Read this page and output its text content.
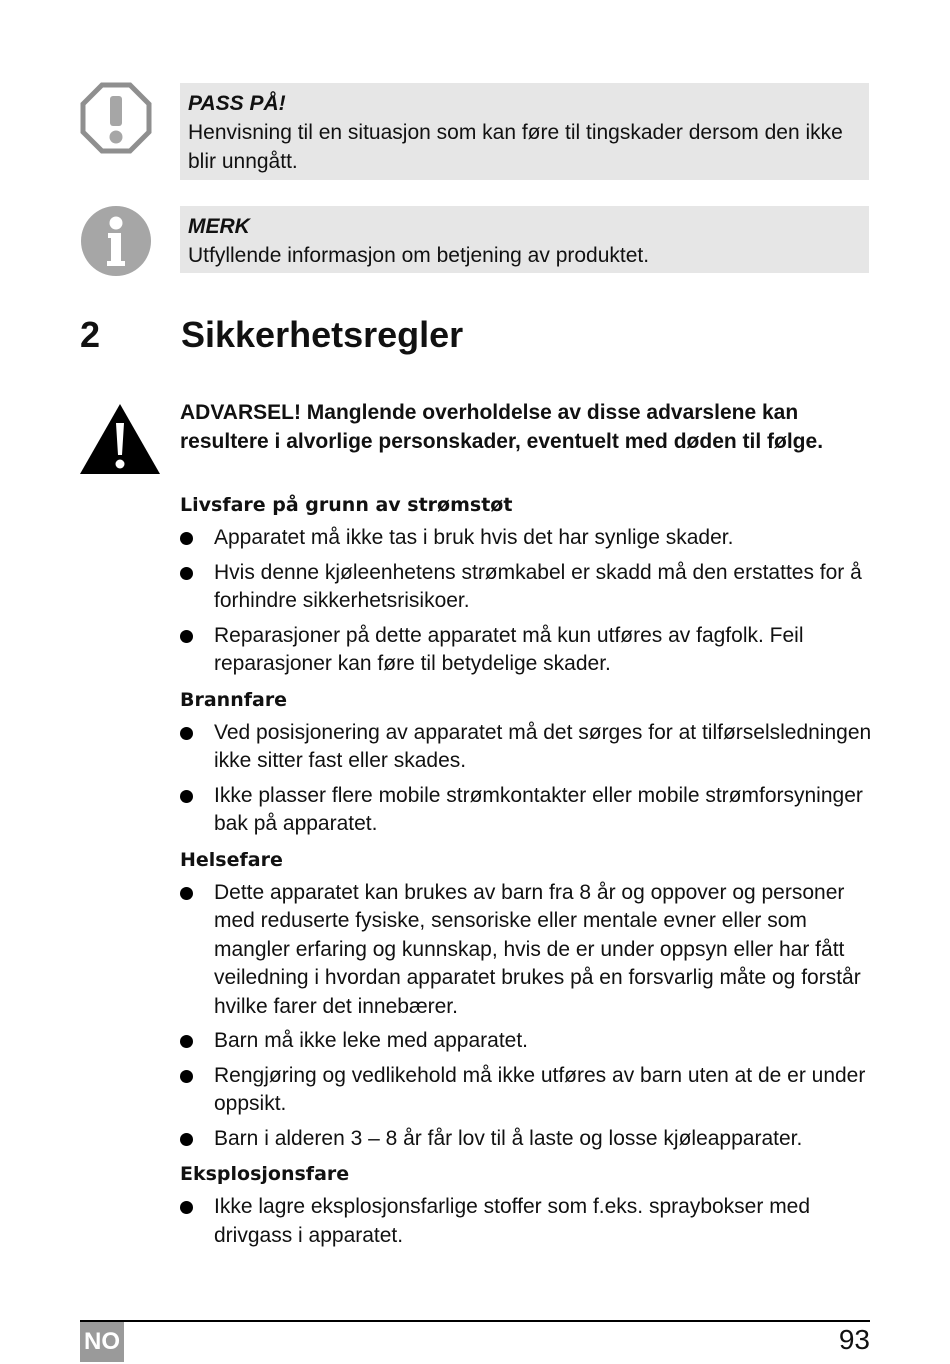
PASS PÅ!
Henvisning til en situasjon som kan føre til tingskader dersom den ikke blir unngått.
MERK
Utfyllende informasjon om betjening av produktet.
2 Sikkerhetsregler
ADVARSEL! Manglende overholdelse av disse advarslene kan resultere i alvorlige personskader, eventuelt med døden til følge.
Livsfare på grunn av strømstøt
Apparatet må ikke tas i bruk hvis det har synlige skader.
Hvis denne kjøleenhetens strømkabel er skadd må den erstattes for å forhindre sikkerhetsrisikoer.
Reparasjoner på dette apparatet må kun utføres av fagfolk. Feil reparasjoner kan føre til betydelige skader.
Brannfare
Ved posisjonering av apparatet må det sørges for at tilførselsledningen ikke sitter fast eller skades.
Ikke plasser flere mobile strømkontakter eller mobile strømforsyninger bak på apparatet.
Helsefare
Dette apparatet kan brukes av barn fra 8 år og oppover og personer med reduserte fysiske, sensoriske eller mentale evner eller som mangler erfaring og kunnskap, hvis de er under oppsyn eller har fått veiledning i hvordan apparatet brukes på en forsvarlig måte og forstår hvilke farer det innebærer.
Barn må ikke leke med apparatet.
Rengjøring og vedlikehold må ikke utføres av barn uten at de er under oppsikt.
Barn i alderen 3 – 8 år får lov til å laste og losse kjøleapparater.
Eksplosjonsfare
Ikke lagre eksplosjonsfarlige stoffer som f.eks. spraybokser med drivgass i apparatet.
NO	93
